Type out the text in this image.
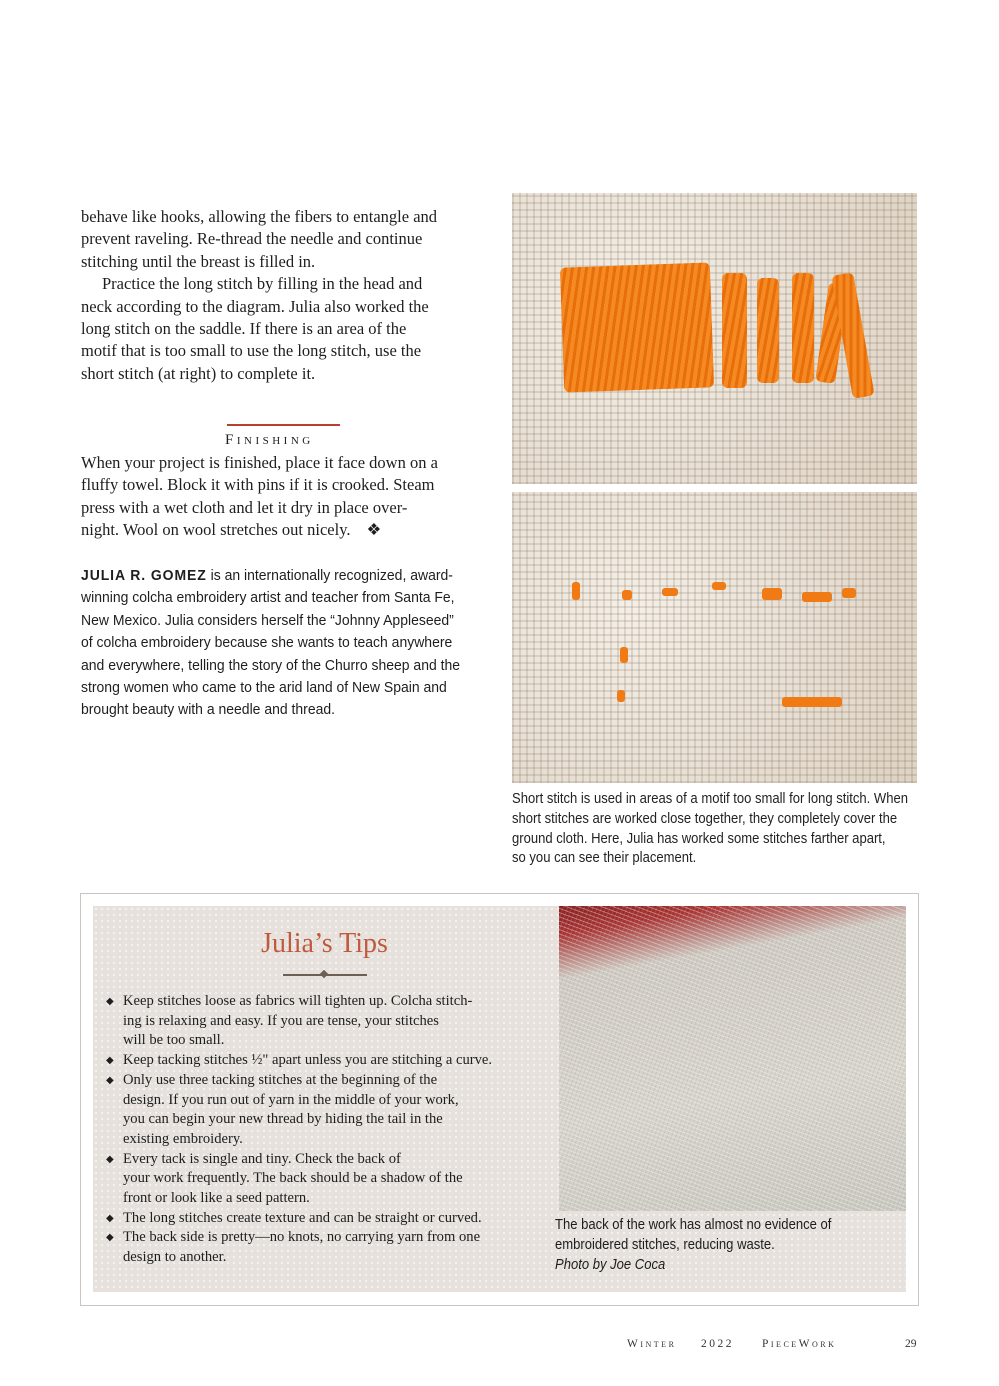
behave like hooks, allowing the fibers to entangle and
prevent raveling. Re-thread the needle and continue
stitching until the breast is filled in.
Practice the long stitch by filling in the head and
neck according to the diagram. Julia also worked the
long stitch on the saddle. If there is an area of the
motif that is too small to use the long stitch, use the
short stitch (at right) to complete it.
Finishing
When your project is finished, place it face down on a
fluffy towel. Block it with pins if it is crooked. Steam
press with a wet cloth and let it dry in place over-
night. Wool on wool stretches out nicely. ❖
JULIA R. GOMEZ is an internationally recognized, award-
winning colcha embroidery artist and teacher from Santa Fe,
New Mexico. Julia considers herself the “Johnny Appleseed”
of colcha embroidery because she wants to teach anywhere
and everywhere, telling the story of the Churro sheep and the
strong women who came to the arid land of New Spain and
brought beauty with a needle and thread.
Short stitch is used in areas of a motif too small for long stitch. When
short stitches are worked close together, they completely cover the
ground cloth. Here, Julia has worked some stitches farther apart,
so you can see their placement.
Julia’s Tips
◆ Keep stitches loose as fabrics will tighten up. Colcha stitch-
ing is relaxing and easy. If you are tense, your stitches
will be too small.
◆ Keep tacking stitches ½" apart unless you are stitching a curve.
◆ Only use three tacking stitches at the beginning of the
design. If you run out of yarn in the middle of your work,
you can begin your new thread by hiding the tail in the
existing embroidery.
◆ Every tack is single and tiny. Check the back of
your work frequently. The back should be a shadow of the
front or look like a seed pattern.
◆ The long stitches create texture and can be straight or curved.
◆ The back side is pretty—no knots, no carrying yarn from one
design to another.
The back of the work has almost no evidence of
embroidered stitches, reducing waste.
Photo by Joe Coca
Winter 2022 PieceWork	29
